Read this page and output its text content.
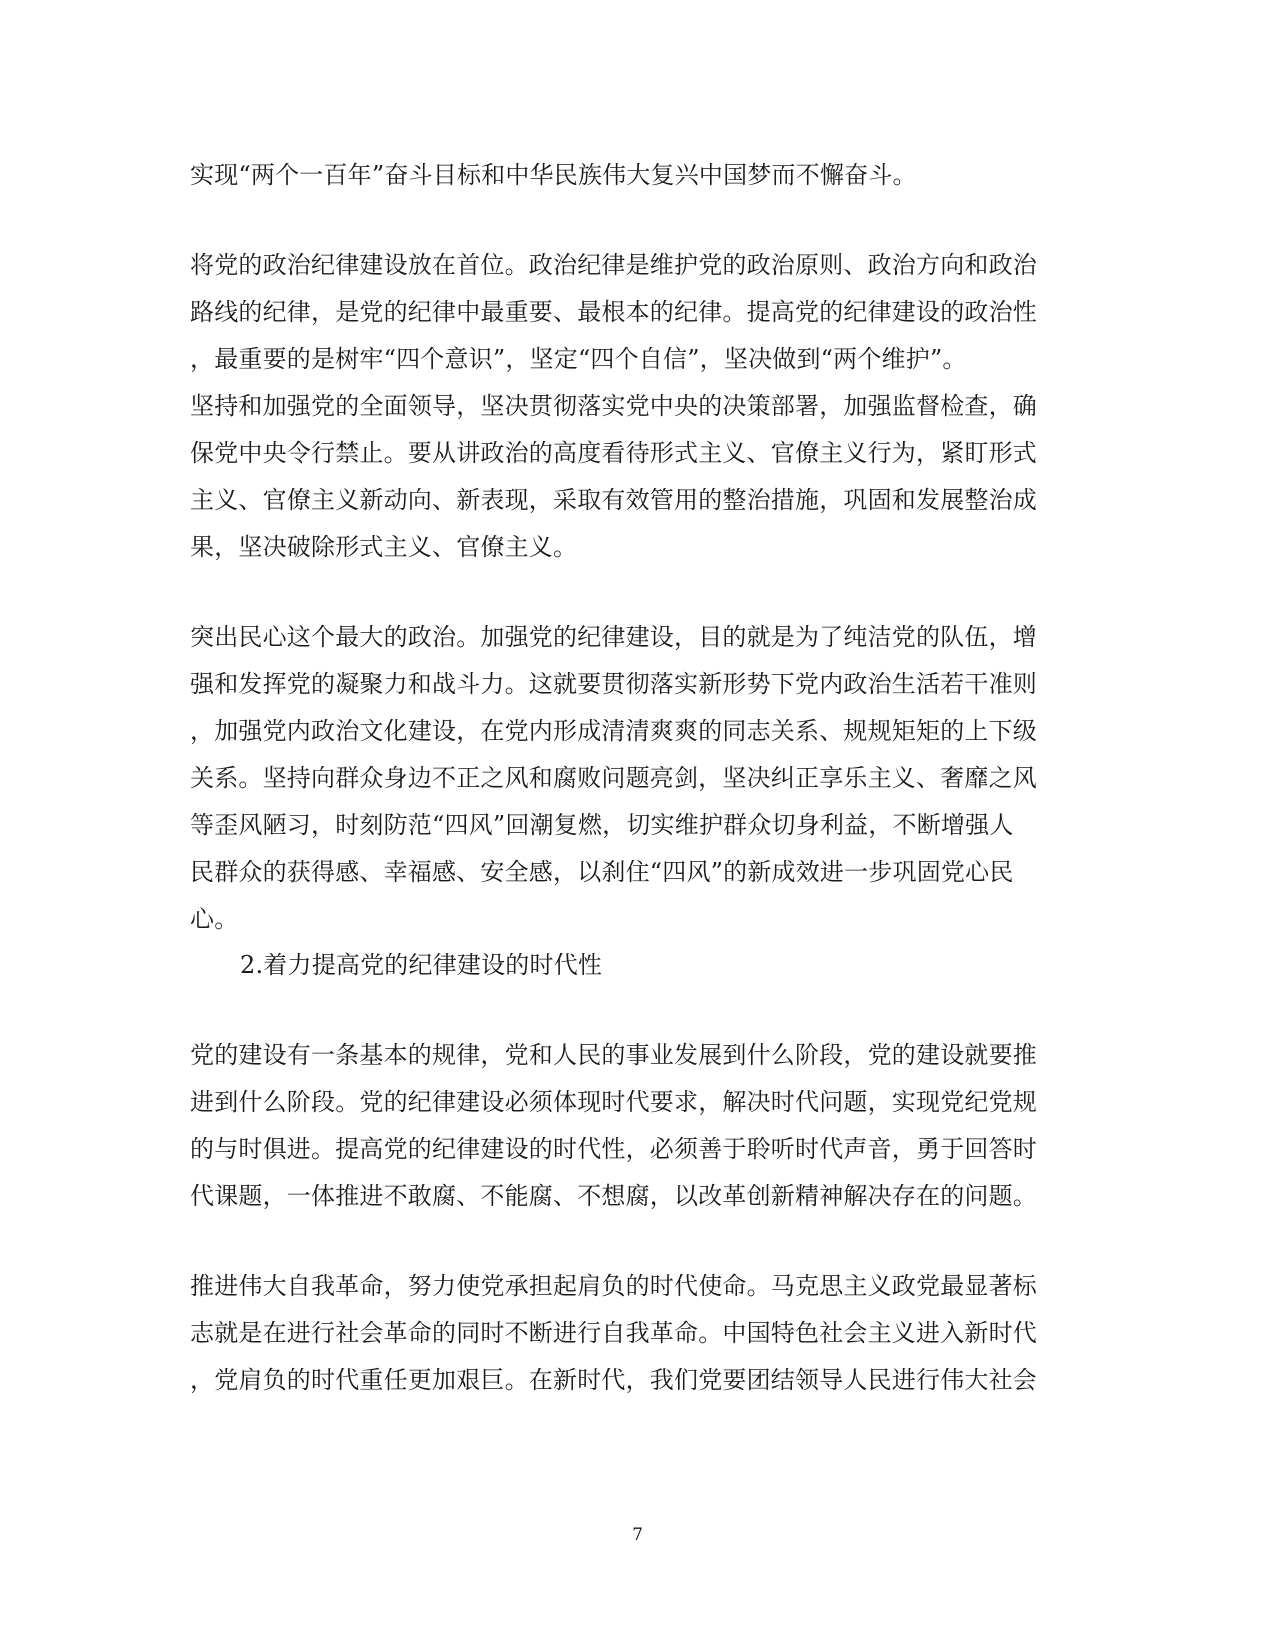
实现“两个一百年”奋斗目标和中华民族伟大复兴中国梦而不懈奋斗。
将党的政治纪律建设放在首位。政治纪律是维护党的政治原则、政治方向和政治
路线的纪律，是党的纪律中最重要、最根本的纪律。提高党的纪律建设的政治性
，最重要的是树牢“四个意识”，坚定“四个自信”，坚决做到“两个维护”。
坚持和加强党的全面领导，坚决贯彻落实党中央的决策部署，加强监督检查，确
保党中央令行禁止。要从讲政治的高度看待形式主义、官僚主义行为，紧盯形式
主义、官僚主义新动向、新表现，采取有效管用的整治措施，巩固和发展整治成
果，坚决破除形式主义、官僚主义。
突出民心这个最大的政治。加强党的纪律建设，目的就是为了纯洁党的队伍，增
强和发挥党的凝聚力和战斗力。这就要贯彻落实新形势下党内政治生活若干准则
，加强党内政治文化建设，在党内形成清清爽爽的同志关系、规规矩矩的上下级
关系。坚持向群众身边不正之风和腐败问题亮剑，坚决纠正享乐主义、奢靡之风
等歪风陋习，时刻防范“四风”回潮复燃，切实维护群众切身利益，不断增强人
民群众的获得感、幸福感、安全感，以刹住“四风”的新成效进一步巩固党心民
心。
2.着力提高党的纪律建设的时代性
党的建设有一条基本的规律，党和人民的事业发展到什么阶段，党的建设就要推
进到什么阶段。党的纪律建设必须体现时代要求，解决时代问题，实现党纪党规
的与时俱进。提高党的纪律建设的时代性，必须善于聆听时代声音，勇于回答时
代课题，一体推进不敢腐、不能腐、不想腐，以改革创新精神解决存在的问题。
推进伟大自我革命，努力使党承担起肩负的时代使命。马克思主义政党最显著标
志就是在进行社会革命的同时不断进行自我革命。中国特色社会主义进入新时代
，党肩负的时代重任更加艰巨。在新时代，我们党要团结领导人民进行伟大社会
7
